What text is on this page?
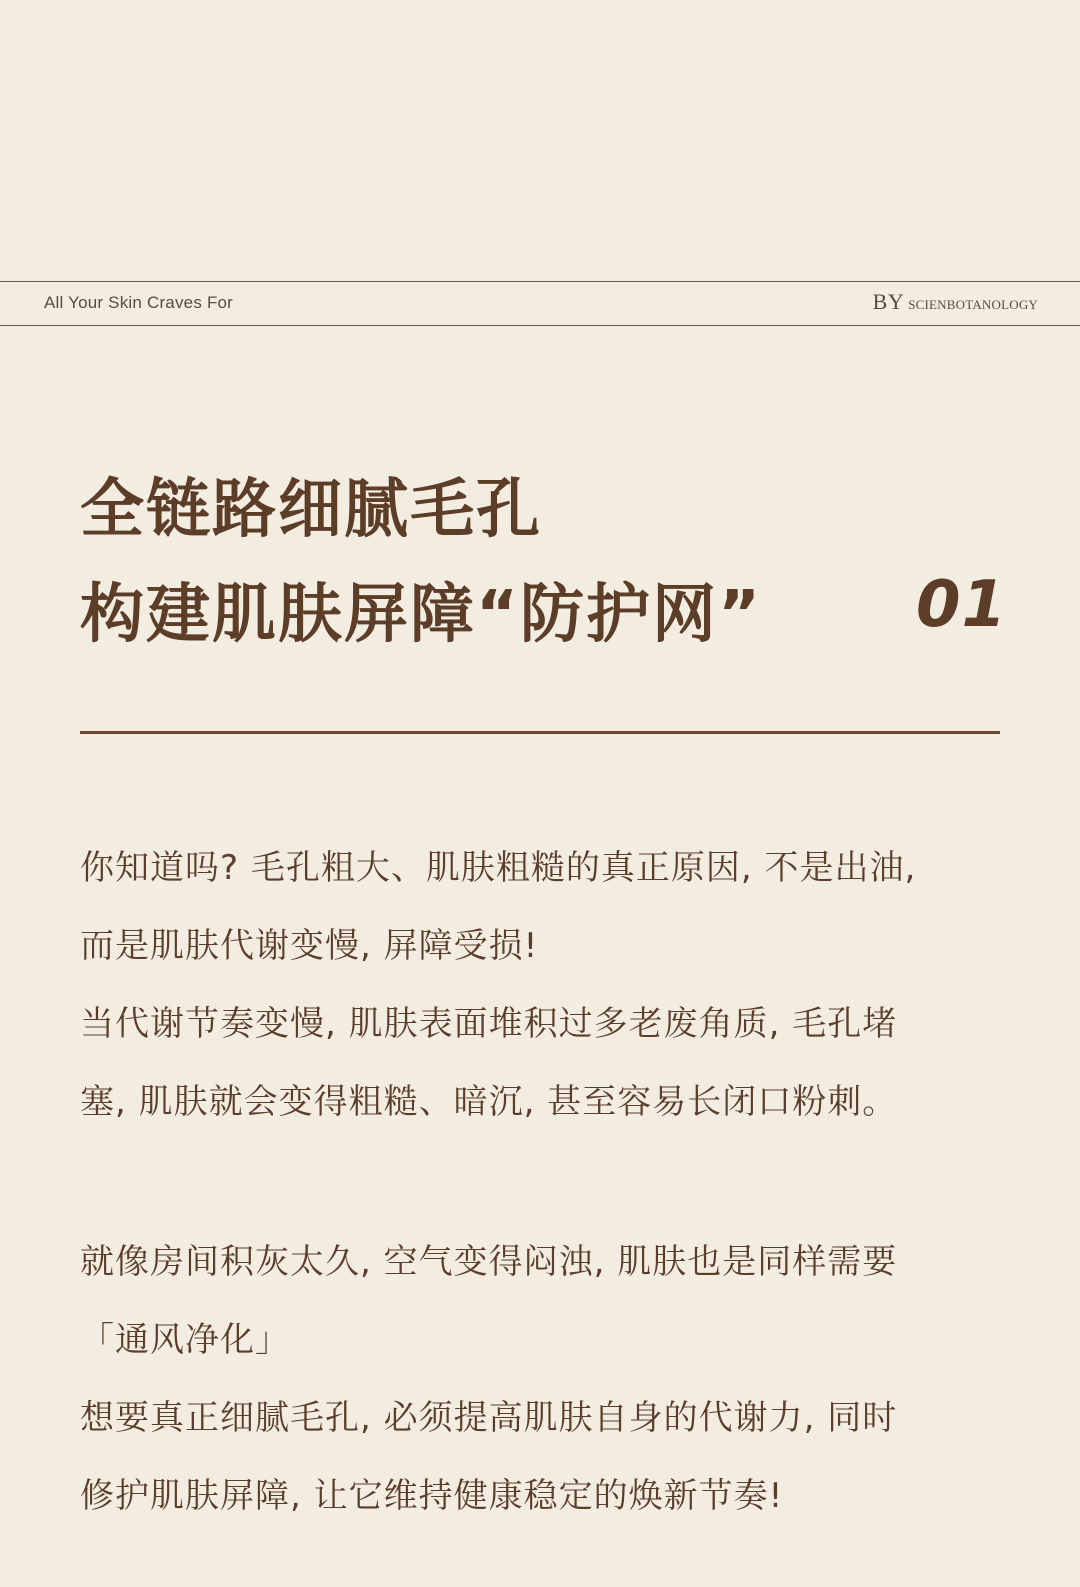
All Your Skin Craves For	BY SCIENBOTANOLOGY
全链路细腻毛孔
构建肌肤屏障“防护网” 01
你知道吗? 毛孔粗大、肌肤粗糙的真正原因, 不是出油,
而是肌肤代谢变慢, 屏障受损!
当代谢节奏变慢, 肌肤表面堆积过多老废角质, 毛孔堵
塞, 肌肤就会变得粗糙、暗沉, 甚至容易长闭口粉刺。
就像房间积灰太久, 空气变得闷浊, 肌肤也是同样需要
「通风净化」
想要真正细腻毛孔, 必须提高肌肤自身的代谢力, 同时
修护肌肤屏障, 让它维持健康稳定的焕新节奏!
